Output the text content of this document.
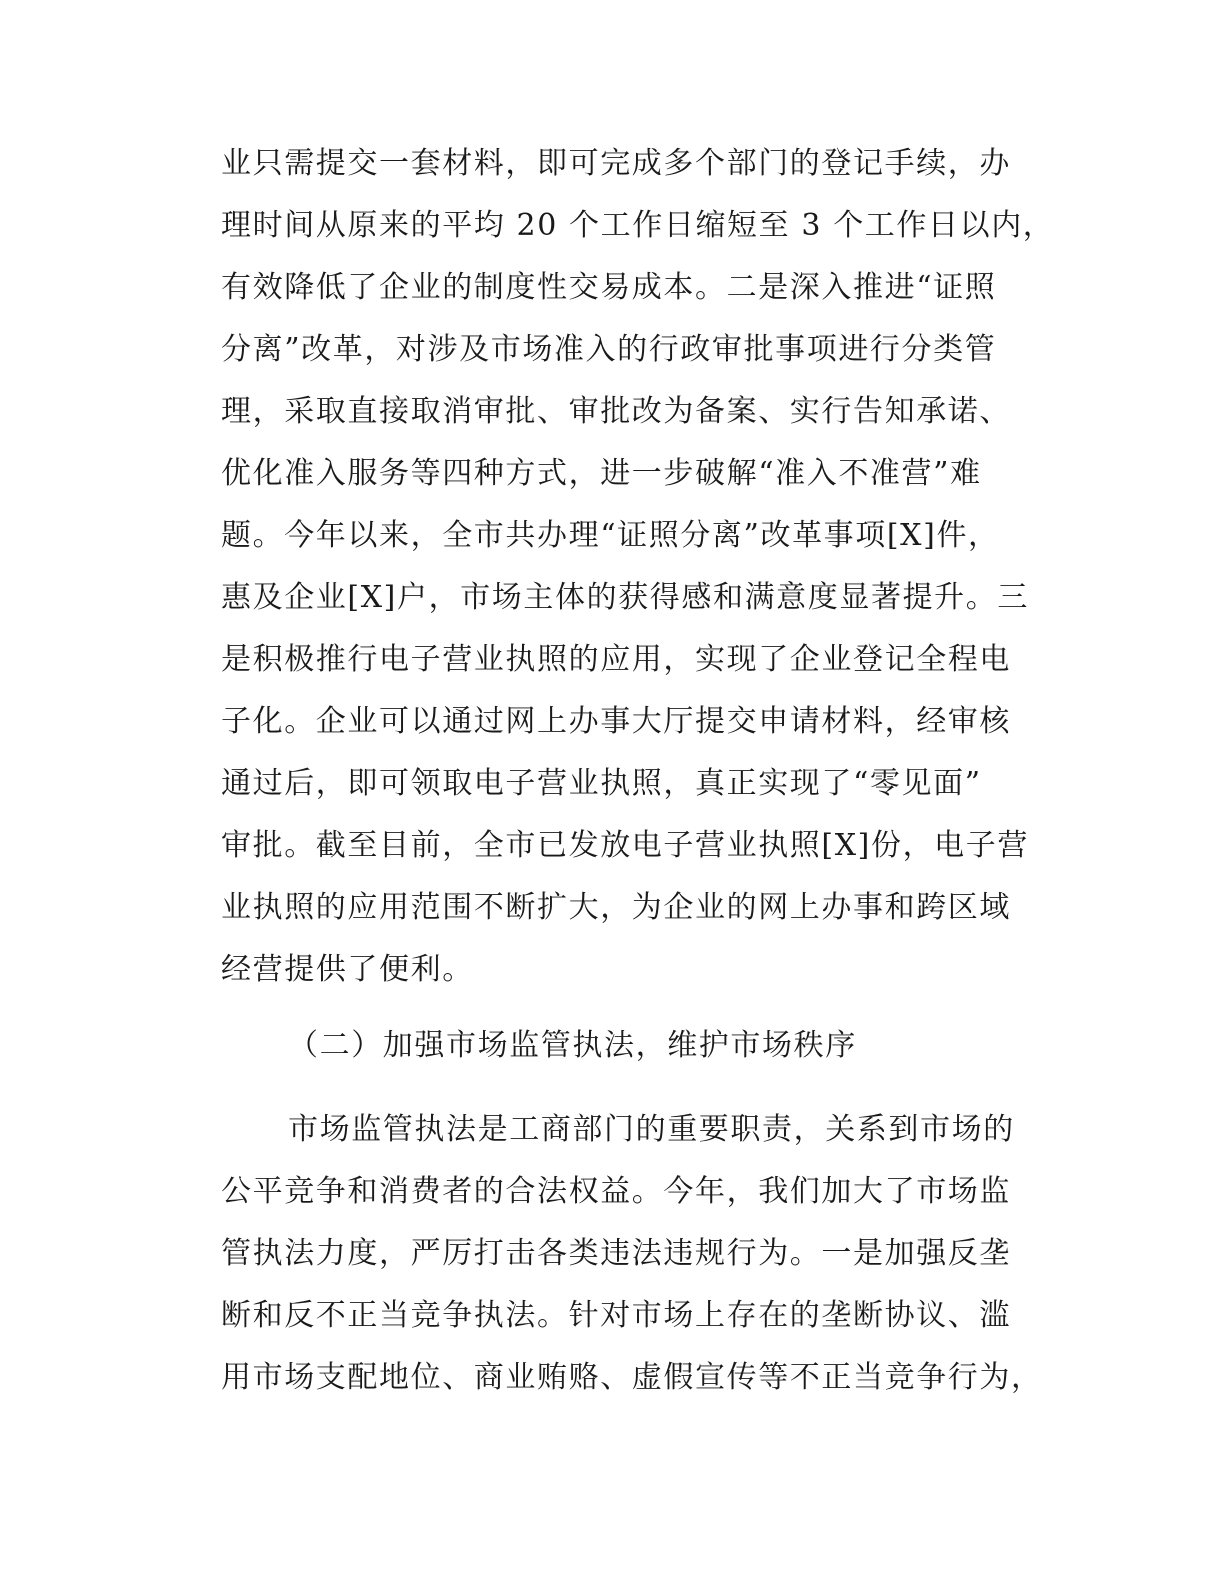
业只需提交一套材料，即可完成多个部门的登记手续，办
理时间从原来的平均 20 个工作日缩短至 3 个工作日以内，
有效降低了企业的制度性交易成本。二是深入推进“证照
分离”改革，对涉及市场准入的行政审批事项进行分类管
理，采取直接取消审批、审批改为备案、实行告知承诺、
优化准入服务等四种方式，进一步破解“准入不准营”难
题。今年以来，全市共办理“证照分离”改革事项[X]件，
惠及企业[X]户，市场主体的获得感和满意度显著提升。三
是积极推行电子营业执照的应用，实现了企业登记全程电
子化。企业可以通过网上办事大厅提交申请材料，经审核
通过后，即可领取电子营业执照，真正实现了“零见面”
审批。截至目前，全市已发放电子营业执照[X]份，电子营
业执照的应用范围不断扩大，为企业的网上办事和跨区域
经营提供了便利。
（二）加强市场监管执法，维护市场秩序
市场监管执法是工商部门的重要职责，关系到市场的
公平竞争和消费者的合法权益。今年，我们加大了市场监
管执法力度，严厉打击各类违法违规行为。一是加强反垄
断和反不正当竞争执法。针对市场上存在的垄断协议、滥
用市场支配地位、商业贿赂、虚假宣传等不正当竞争行为，
